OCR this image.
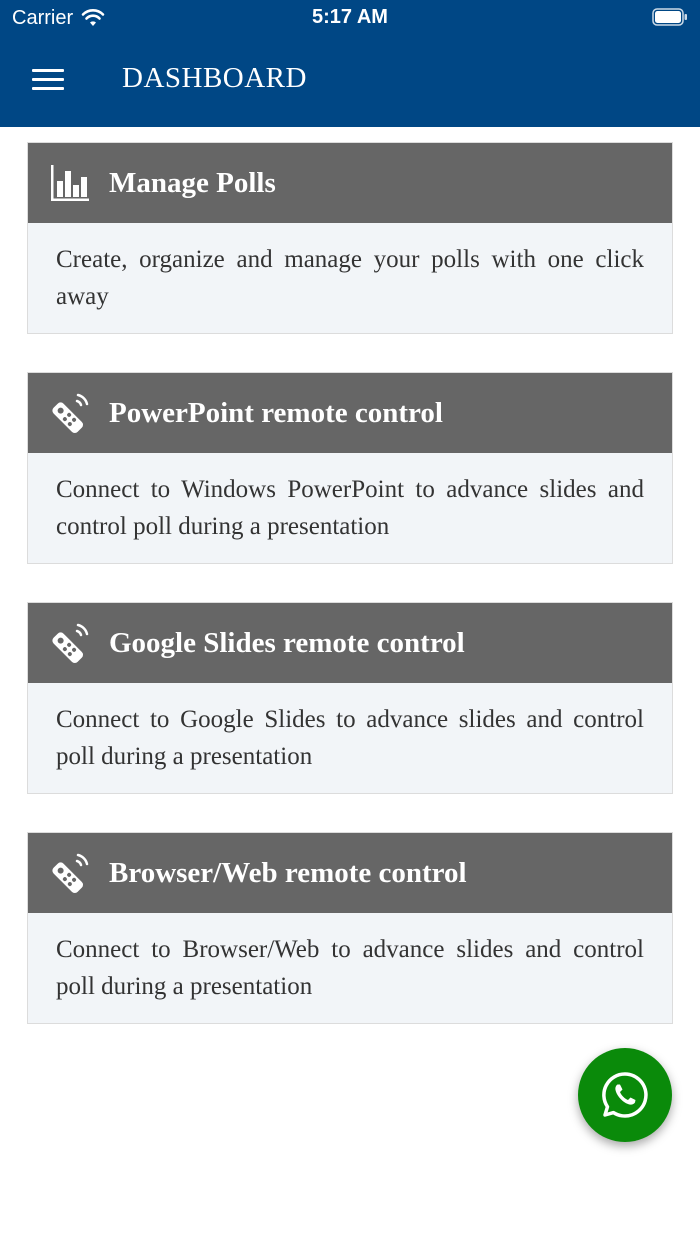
Carrier	5:17 AM
DASHBOARD
Manage Polls
Create, organize and manage your polls with one click away
PowerPoint remote control
Connect to Windows PowerPoint to advance slides and control poll during a presentation
Google Slides remote control
Connect to Google Slides to advance slides and control poll during a presentation
Browser/Web remote control
Connect to Browser/Web to advance slides and control poll during a presentation
